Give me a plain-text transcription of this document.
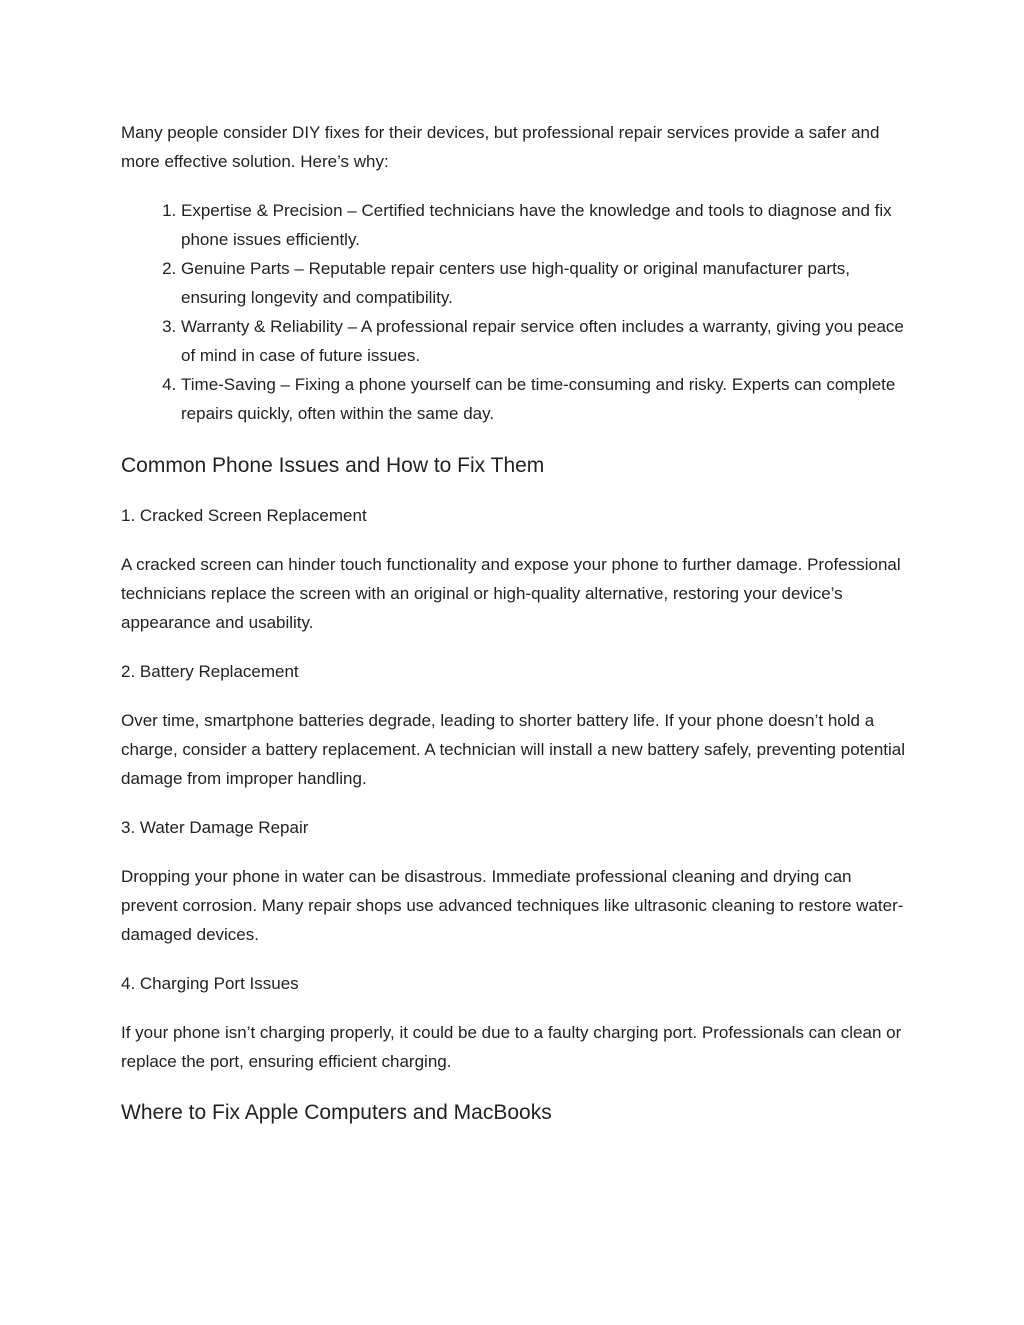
Many people consider DIY fixes for their devices, but professional repair services provide a safer and more effective solution. Here’s why:

1. Expertise & Precision – Certified technicians have the knowledge and tools to diagnose and fix phone issues efficiently.
2. Genuine Parts – Reputable repair centers use high-quality or original manufacturer parts, ensuring longevity and compatibility.
3. Warranty & Reliability – A professional repair service often includes a warranty, giving you peace of mind in case of future issues.
4. Time-Saving – Fixing a phone yourself can be time-consuming and risky. Experts can complete repairs quickly, often within the same day.
Common Phone Issues and How to Fix Them
1. Cracked Screen Replacement

A cracked screen can hinder touch functionality and expose your phone to further damage. Professional technicians replace the screen with an original or high-quality alternative, restoring your device’s appearance and usability.

2. Battery Replacement

Over time, smartphone batteries degrade, leading to shorter battery life. If your phone doesn’t hold a charge, consider a battery replacement. A technician will install a new battery safely, preventing potential damage from improper handling.

3. Water Damage Repair

Dropping your phone in water can be disastrous. Immediate professional cleaning and drying can prevent corrosion. Many repair shops use advanced techniques like ultrasonic cleaning to restore water-damaged devices.

4. Charging Port Issues

If your phone isn’t charging properly, it could be due to a faulty charging port. Professionals can clean or replace the port, ensuring efficient charging.

Where to Fix Apple Computers and MacBooks
